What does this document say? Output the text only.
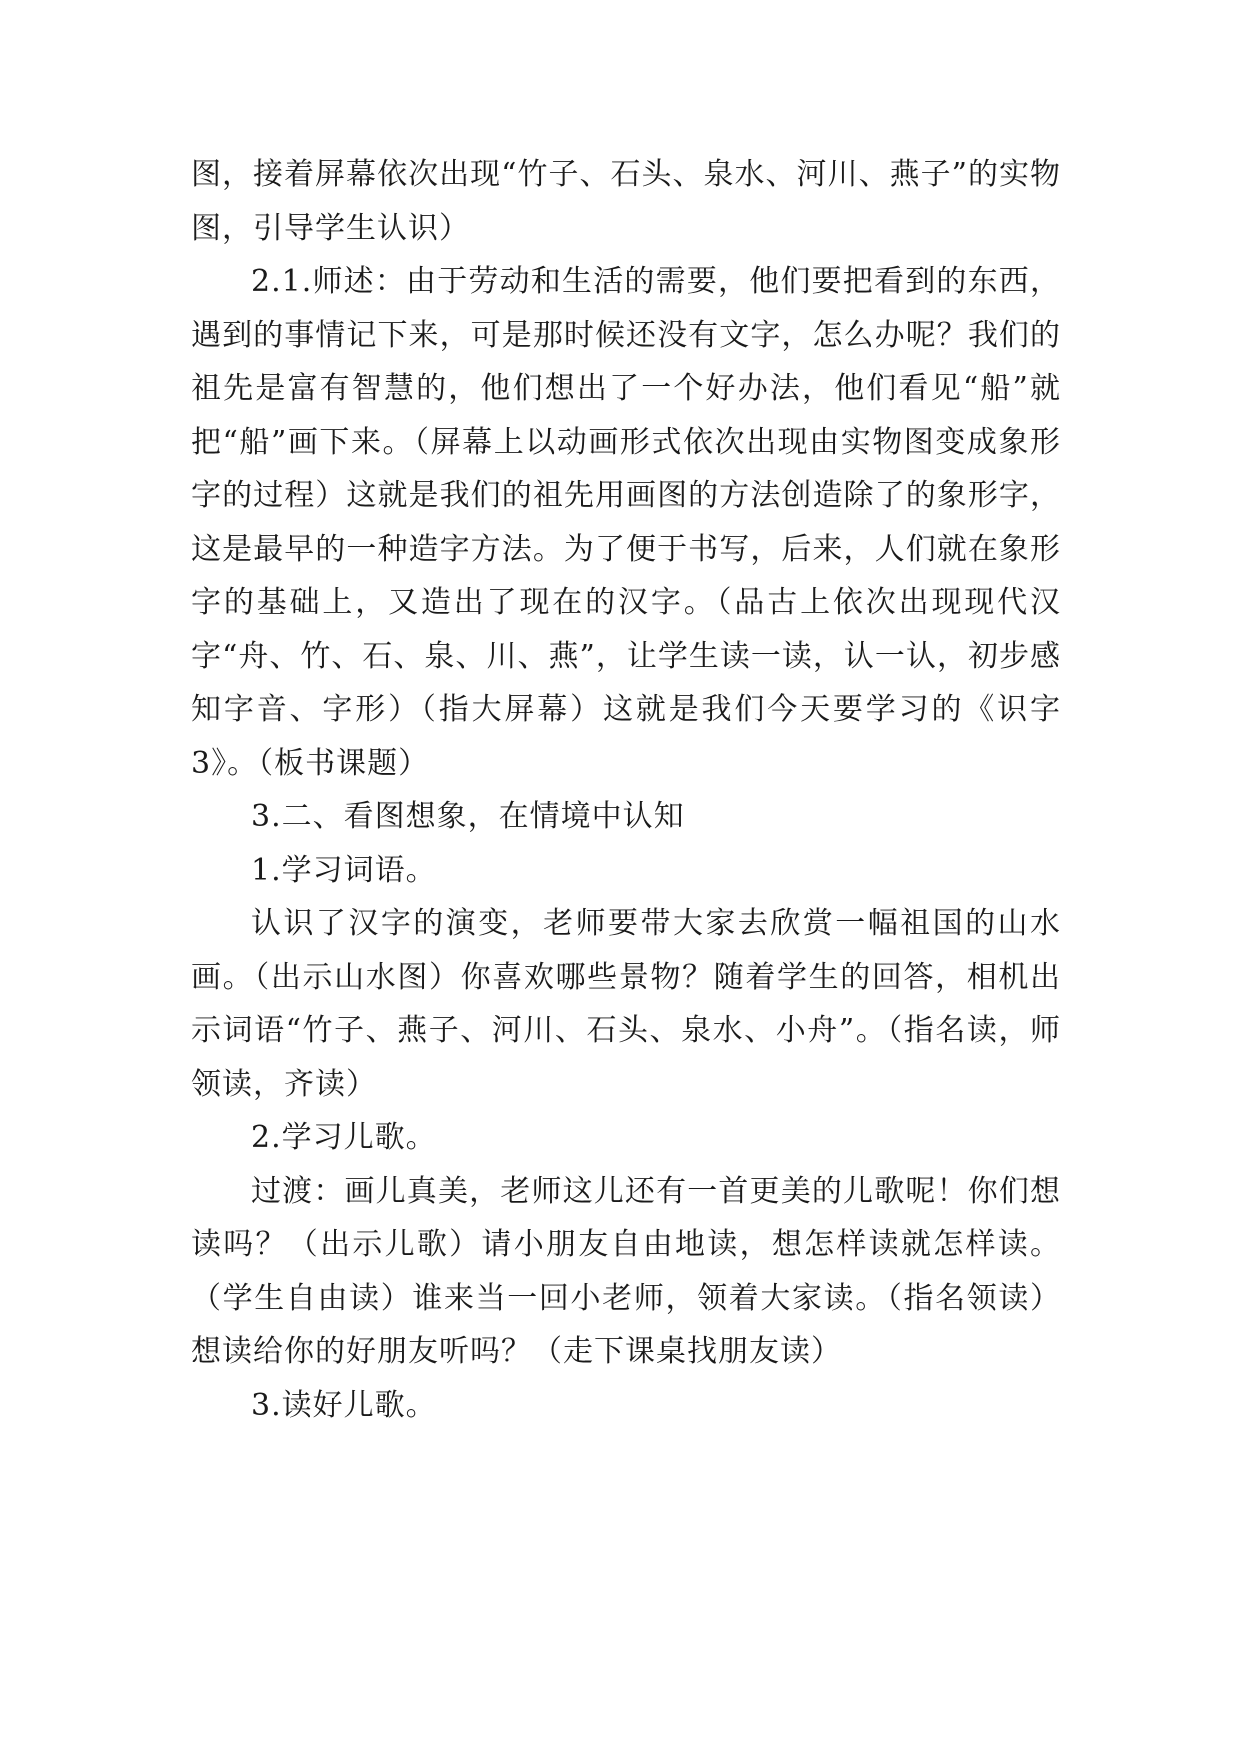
图，接着屏幕依次出现“竹子、石头、泉水、河川、燕子”的实物图，引导学生认识）

2.1.师述：由于劳动和生活的需要，他们要把看到的东西，遇到的事情记下来，可是那时候还没有文字，怎么办呢？我们的祖先是富有智慧的，他们想出了一个好办法，他们看见“船”就把“船”画下来。（屏幕上以动画形式依次出现由实物图变成象形字的过程）这就是我们的祖先用画图的方法创造除了的象形字，这是最早的一种造字方法。为了便于书写，后来，人们就在象形字的基础上，又造出了现在的汉字。（品古上依次出现现代汉字“舟、竹、石、泉、川、燕”，让学生读一读，认一认，初步感知字音、字形）（指大屏幕）这就是我们今天要学习的《识字 3》。（板书课题）

3.二、看图想象，在情境中认知

1.学习词语。

认识了汉字的演变，老师要带大家去欣赏一幅祖国的山水画。（出示山水图）你喜欢哪些景物？随着学生的回答，相机出示词语“竹子、燕子、河川、石头、泉水、小舟”。（指名读，师领读，齐读）

2.学习儿歌。

过渡：画儿真美，老师这儿还有一首更美的儿歌呢！你们想读吗？（出示儿歌）请小朋友自由地读，想怎样读就怎样读。（学生自由读）谁来当一回小老师，领着大家读。（指名领读）想读给你的好朋友听吗？（走下课桌找朋友读）

3.读好儿歌。
